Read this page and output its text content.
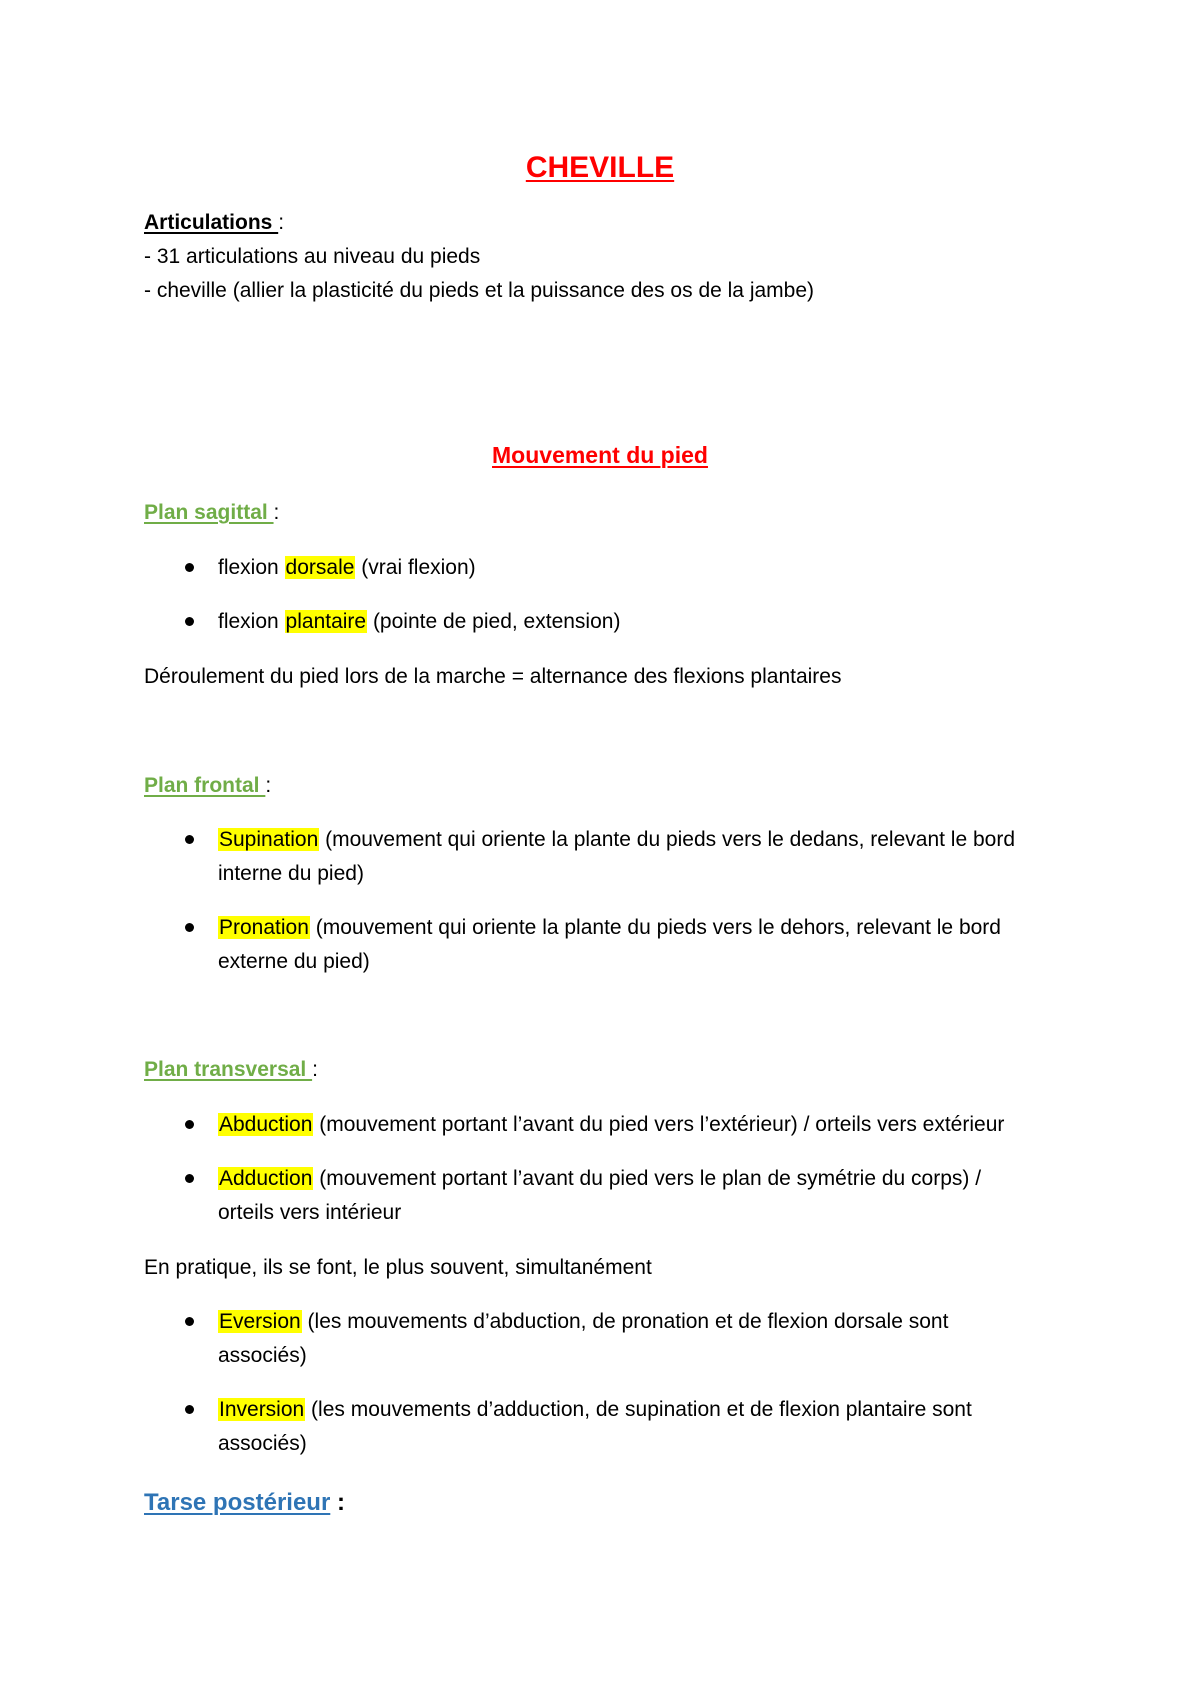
CHEVILLE
Articulations :
- 31 articulations au niveau du pieds
- cheville (allier la plasticité du pieds et la puissance des os de la jambe)
Mouvement du pied
Plan sagittal :
flexion dorsale (vrai flexion)
flexion plantaire (pointe de pied, extension)
Déroulement du pied lors de la marche = alternance des flexions plantaires
Plan frontal :
Supination (mouvement qui oriente la plante du pieds vers le dedans, relevant le bord
interne du pied)
Pronation (mouvement qui oriente la plante du pieds vers le dehors, relevant le bord
externe du pied)
Plan transversal :
Abduction (mouvement portant l’avant du pied vers l’extérieur) / orteils vers extérieur
Adduction (mouvement portant l’avant du pied vers le plan de symétrie du corps) /
orteils vers intérieur
En pratique, ils se font, le plus souvent, simultanément
Eversion (les mouvements d’abduction, de pronation et de flexion dorsale sont
associés)
Inversion (les mouvements d’adduction, de supination et de flexion plantaire sont
associés)
Tarse postérieur :
